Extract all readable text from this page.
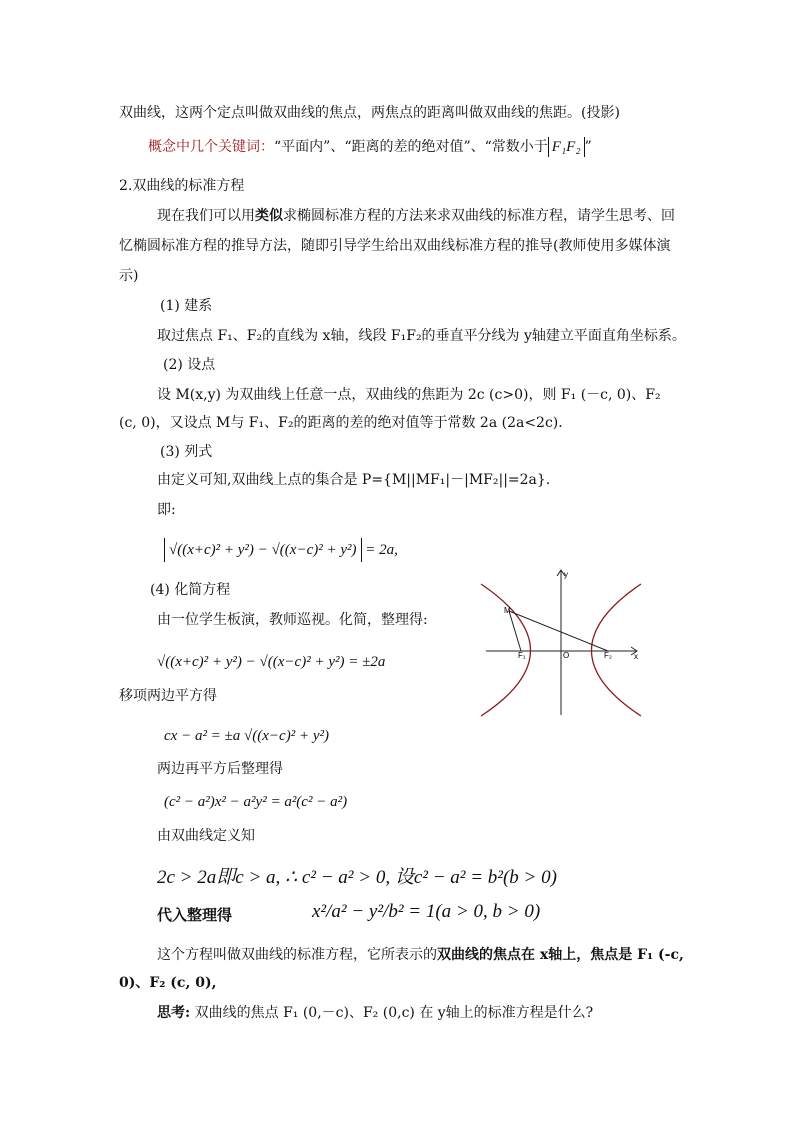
双曲线，这两个定点叫做双曲线的焦点，两焦点的距离叫做双曲线的焦距。(投影)
概念中几个关键词：“平面内”、“距离的差的绝对值”、“常数小于 F₁F₂ ”
2.双曲线的标准方程
现在我们可以用类似求椭圆标准方程的方法来求双曲线的标准方程，请学生思考、回
忆椭圆标准方程的推导方法，随即引导学生给出双曲线标准方程的推导(教师使用多媒体演
示)
(1) 建系
取过焦点 F₁、F₂的直线为 x轴，线段 F₁F₂的垂直平分线为 y轴建立平面直角坐标系。
(2) 设点
设 M(x,y) 为双曲线上任意一点，双曲线的焦距为 2c (c>0)，则 F₁ (－c, 0)、F₂
(c, 0)，又设点 M与 F₁、F₂的距离的差的绝对值等于常数 2a (2a<2c)．
(3) 列式
由定义可知,双曲线上点的集合是 P={M||MF₁|－|MF₂||=2a}.
即:
√((x+c)² + y²) − √((x−c)² + y²) = 2a,
(4) 化简方程
由一位学生板演，教师巡视。化简，整理得:
√((x+c)² + y²) − √((x−c)² + y²) = ±2a
移项两边平方得
cx − a² = ±a √((x−c)² + y²)
两边再平方后整理得
(c² − a²)x² − a²y² = a²(c² − a²)
由双曲线定义知
2c > 2a即c > a, ∴ c² − a² > 0, 设c² − a² = b²(b > 0)
代入整理得	x²/a² − y²/b² = 1(a > 0, b > 0)
这个方程叫做双曲线的标准方程，它所表示的双曲线的焦点在 x轴上，焦点是 F₁ (-c,
0)、F₂ (c, 0),
思考: 双曲线的焦点 F₁ (0,－c)、F₂ (0,c) 在 y轴上的标准方程是什么?
M
F₁	F₂
O	x
y
